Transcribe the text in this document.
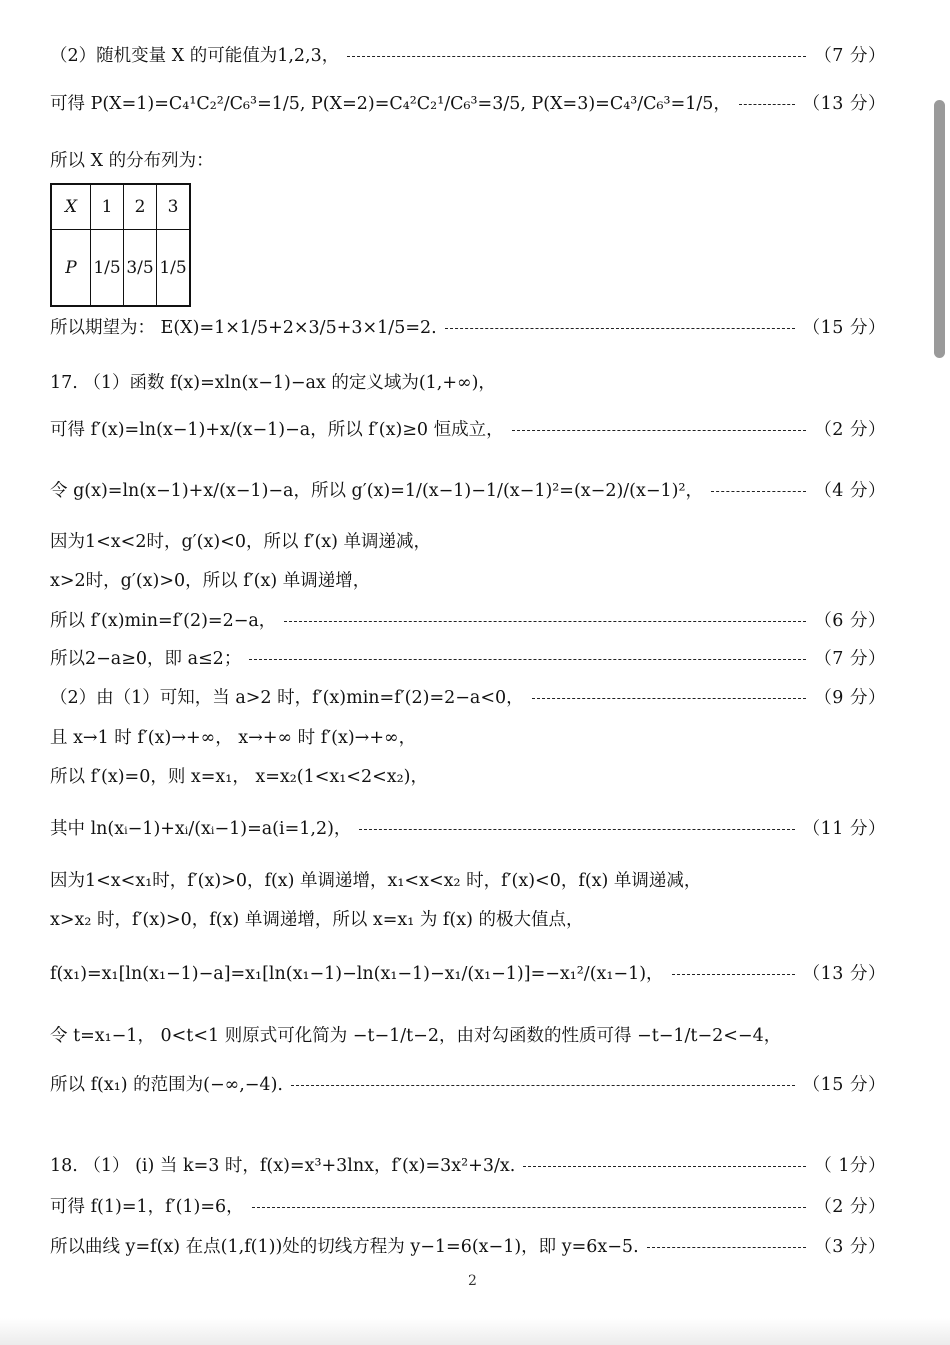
（2）随机变量 X 的可能值为1,2,3，	（7 分）
可得 P(X=1)=C₄¹C₂²/C₆³=1/5, P(X=2)=C₄²C₂¹/C₆³=3/5, P(X=3)=C₄³/C₆³=1/5，	（13 分）
所以 X 的分布列为：
X	1	2	3
P	1/5	3/5	1/5
所以期望为： E(X)=1×1/5+2×3/5+3×1/5=2.	（15 分）
17. （1）函数 f(x)=xln(x−1)−ax 的定义域为(1,+∞)，
可得 f′(x)=ln(x−1)+x/(x−1)−a，所以 f′(x)≥0 恒成立，	（2 分）
令 g(x)=ln(x−1)+x/(x−1)−a，所以 g′(x)=1/(x−1)−1/(x−1)²=(x−2)/(x−1)²，	（4 分）
因为1<x<2时，g′(x)<0，所以 f′(x) 单调递减，
x>2时，g′(x)>0，所以 f′(x) 单调递增，
所以 f′(x)min=f′(2)=2−a，	（6 分）
所以2−a≥0，即 a≤2；	（7 分）
（2）由（1）可知，当 a>2 时，f′(x)min=f′(2)=2−a<0，	（9 分）
且 x→1 时 f′(x)→+∞， x→+∞ 时 f′(x)→+∞，
所以 f′(x)=0，则 x=x₁， x=x₂(1<x₁<2<x₂)，
其中 ln(xᵢ−1)+xᵢ/(xᵢ−1)=a(i=1,2)，	（11 分）
因为1<x<x₁时，f′(x)>0，f(x) 单调递增，x₁<x<x₂ 时，f′(x)<0，f(x) 单调递减，
x>x₂ 时，f′(x)>0，f(x) 单调递增，所以 x=x₁ 为 f(x) 的极大值点，
f(x₁)=x₁[ln(x₁−1)−a]=x₁[ln(x₁−1)−ln(x₁−1)−x₁/(x₁−1)]=−x₁²/(x₁−1)，	（13 分）
令 t=x₁−1， 0<t<1 则原式可化简为 −t−1/t−2，由对勾函数的性质可得 −t−1/t−2<−4，
所以 f(x₁) 的范围为(−∞,−4).	（15 分）
18. （1） (i) 当 k=3 时，f(x)=x³+3lnx，f′(x)=3x²+3/x.	（ 1分）
可得 f(1)=1，f′(1)=6，	（2 分）
所以曲线 y=f(x) 在点(1,f(1))处的切线方程为 y−1=6(x−1)，即 y=6x−5.	（3 分）
2
